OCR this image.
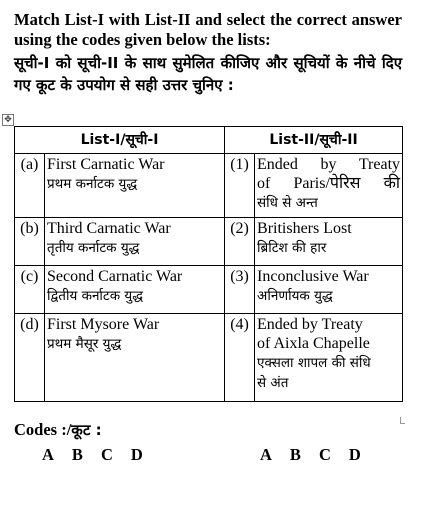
Match List-I with List-II and select the correct answer using the codes given below the lists:
सूची-I को सूची-II के साथ सुमेलित कीजिए और सूचियों के नीचे दिए गए कूट के उपयोग से सही उत्तर चुनिए :
✥
List-I/सूची-I		List-II/सूची-II	
(a)	First Carnatic War
प्रथम कर्नाटक युद्ध	(1)	Ended by Treaty
of Paris/पेरिस की
संधि से अन्त

(b)	Third Carnatic War
तृतीय कर्नाटक युद्ध	(2)	Britishers Lost
ब्रिटिश की हार

(c)	Second Carnatic War
द्वितीय कर्नाटक युद्ध	(3)	Inconclusive War
अनिर्णायक युद्ध

(d)	First Mysore War
प्रथम मैसूर युद्ध	(4)	Ended by Treaty
of Aixla Chapelle
एक्सला शापल की संधि
से अंत
Codes :/कूट :
A B C D	A B C D
